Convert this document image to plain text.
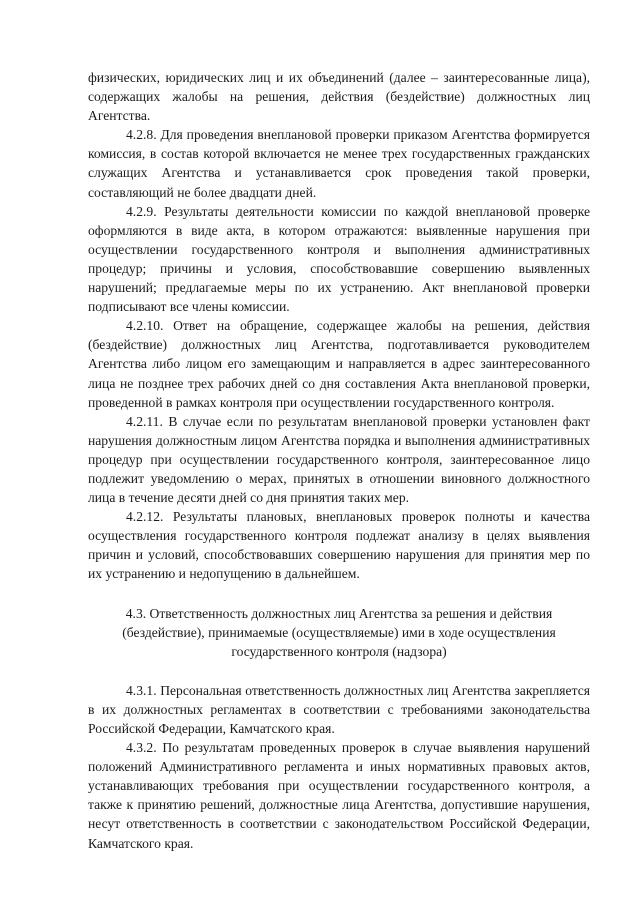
физических, юридических лиц и их объединений (далее – заинтересованные лица), содержащих жалобы на решения, действия (бездействие) должностных лиц Агентства.

4.2.8. Для проведения внеплановой проверки приказом Агентства формируется комиссия, в состав которой включается не менее трех государственных гражданских служащих Агентства и устанавливается срок проведения такой проверки, составляющий не более двадцати дней.

4.2.9. Результаты деятельности комиссии по каждой внеплановой проверке оформляются в виде акта, в котором отражаются: выявленные нарушения при осуществлении государственного контроля и выполнения административных процедур; причины и условия, способствовавшие совершению выявленных нарушений; предлагаемые меры по их устранению. Акт внеплановой проверки подписывают все члены комиссии.

4.2.10. Ответ на обращение, содержащее жалобы на решения, действия (бездействие) должностных лиц Агентства, подготавливается руководителем Агентства либо лицом его замещающим и направляется в адрес заинтересованного лица не позднее трех рабочих дней со дня составления Акта внеплановой проверки, проведенной в рамках контроля при осуществлении государственного контроля.

4.2.11. В случае если по результатам внеплановой проверки установлен факт нарушения должностным лицом Агентства порядка и выполнения административных процедур при осуществлении государственного контроля, заинтересованное лицо подлежит уведомлению о мерах, принятых в отношении виновного должностного лица в течение десяти дней со дня принятия таких мер.

4.2.12. Результаты плановых, внеплановых проверок полноты и качества осуществления государственного контроля подлежат анализу в целях выявления причин и условий, способствовавших совершению нарушения для принятия мер по их устранению и недопущению в дальнейшем.

4.3. Ответственность должностных лиц Агентства за решения и действия
(бездействие), принимаемые (осуществляемые) ими в ходе осуществления
государственного контроля (надзора)

4.3.1. Персональная ответственность должностных лиц Агентства закрепляется в их должностных регламентах в соответствии с требованиями законодательства Российской Федерации, Камчатского края.

4.3.2. По результатам проведенных проверок в случае выявления нарушений положений Административного регламента и иных нормативных правовых актов, устанавливающих требования при осуществлении государственного контроля, а также к принятию решений, должностные лица Агентства, допустившие нарушения, несут ответственность в соответствии с законодательством Российской Федерации, Камчатского края.
